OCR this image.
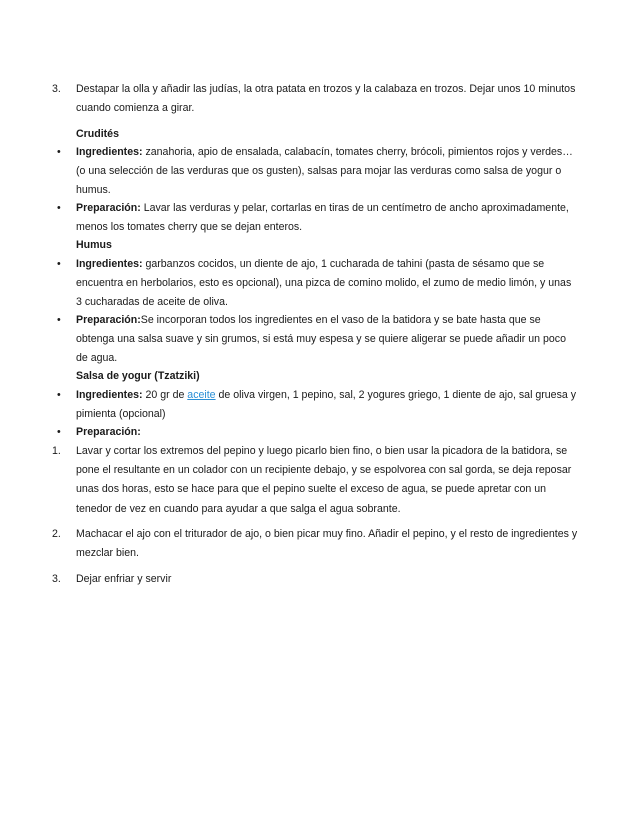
3. Destapar la olla y añadir las judías, la otra patata en trozos y la calabaza en trozos. Dejar unos 10 minutos cuando comienza a girar.
Crudités
• Ingredientes: zanahoria, apio de ensalada, calabacín, tomates cherry, brócoli, pimientos rojos y verdes… (o una selección de las verduras que os gusten), salsas para mojar las verduras como salsa de yogur o humus.
• Preparación: Lavar las verduras y pelar, cortarlas en tiras de un centímetro de ancho aproximadamente, menos los tomates cherry que se dejan enteros.
Humus
• Ingredientes: garbanzos cocidos, un diente de ajo, 1 cucharada de tahini (pasta de sésamo que se encuentra en herbolarios, esto es opcional), una pizca de comino molido, el zumo de medio limón, y unas 3 cucharadas de aceite de oliva.
• Preparación:Se incorporan todos los ingredientes en el vaso de la batidora y se bate hasta que se obtenga una salsa suave y sin grumos, si está muy espesa y se quiere aligerar se puede añadir un poco de agua.
Salsa de yogur (Tzatziki)
• Ingredientes: 20 gr de aceite de oliva virgen, 1 pepino, sal, 2 yogures griego, 1 diente de ajo, sal gruesa y pimienta (opcional)
• Preparación:
1. Lavar y cortar los extremos del pepino y luego picarlo bien fino, o bien usar la picadora de la batidora, se pone el resultante en un colador con un recipiente debajo, y se espolvorea con sal gorda, se deja reposar unas dos horas, esto se hace para que el pepino suelte el exceso de agua, se puede apretar con un tenedor de vez en cuando para ayudar a que salga el agua sobrante.
2. Machacar el ajo con el triturador de ajo, o bien picar muy fino. Añadir el pepino, y el resto de ingredientes y mezclar bien.
3. Dejar enfriar y servir
